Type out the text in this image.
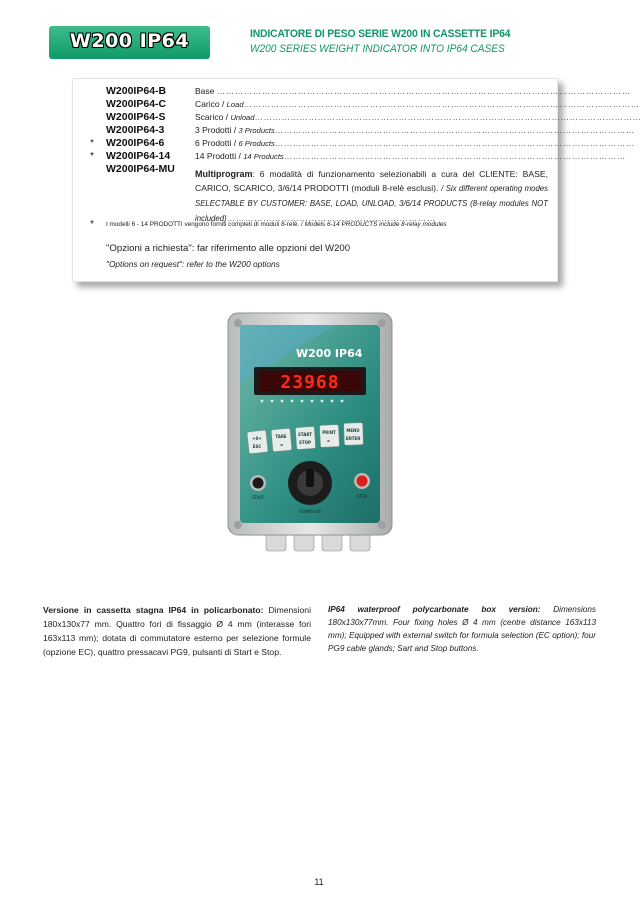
W200 IP64	INDICATORE DI PESO SERIE W200 IN CASSETTE IP64
W200 SERIES WEIGHT INDICATOR INTO IP64 CASES
W200IP64-B	Base …………………………………………………………………………………………………………………………
W200IP64-C	Carico / Load……………………………………………………………………………………………………………………
W200IP64-S	Scarico / Unload…………………………………………………………………………………………………………………
W200IP64-3	3 Prodotti / 3 Products…………………………………………………………………………………………………………
* W200IP64-6	6 Prodotti / 6 Products…………………………………………………………………………………………………………
* W200IP64-14	14 Prodotti / 14 Products……………………………………………………………………………………………………
W200IP64-MU Multiprogram: 6 modalità di funzionamento selezionabili a cura del CLIENTE: BASE, CARICO, SCARICO, 3/6/14 PRODOTTI (moduli 8-relè esclusi). / Six different operating modes SELECTABLE BY CUSTOMER: BASE, LOAD, UNLOAD, 3/6/14 PRODUCTS (8-relay modules NOT included)……………………………………………………………
* I modelli 6 - 14 PRODOTTI vengono forniti completi di moduli 8-relè. / Models 6-14 PRODUCTS include 8-relay modules
"Opzioni a richiesta": far riferimento alle opzioni del W200
"Options on request": refer to the W200 options
W200 IP64
23968
+0+
ESC
TARE
◄
START
STOP
PRINT
►
MENU
ENTER
START
FORMULAS
STOP
Versione in cassetta stagna IP64 in policarbonato: Dimensioni 180x130x77 mm. Quattro fori di fissaggio Ø 4 mm (interasse fori 163x113 mm); dotata di commutatore esterno per selezione formule (opzione EC), quattro pressacavi PG9, pulsanti di Start e Stop.
IP64 waterproof polycarbonate box version: Dimensions 180x130x77mm. Four fixing holes Ø 4 mm (centre distance 163x113 mm); Equipped with external switch for formula selection (EC option); four PG9 cable glands; Sart and Stop buttons.
11
